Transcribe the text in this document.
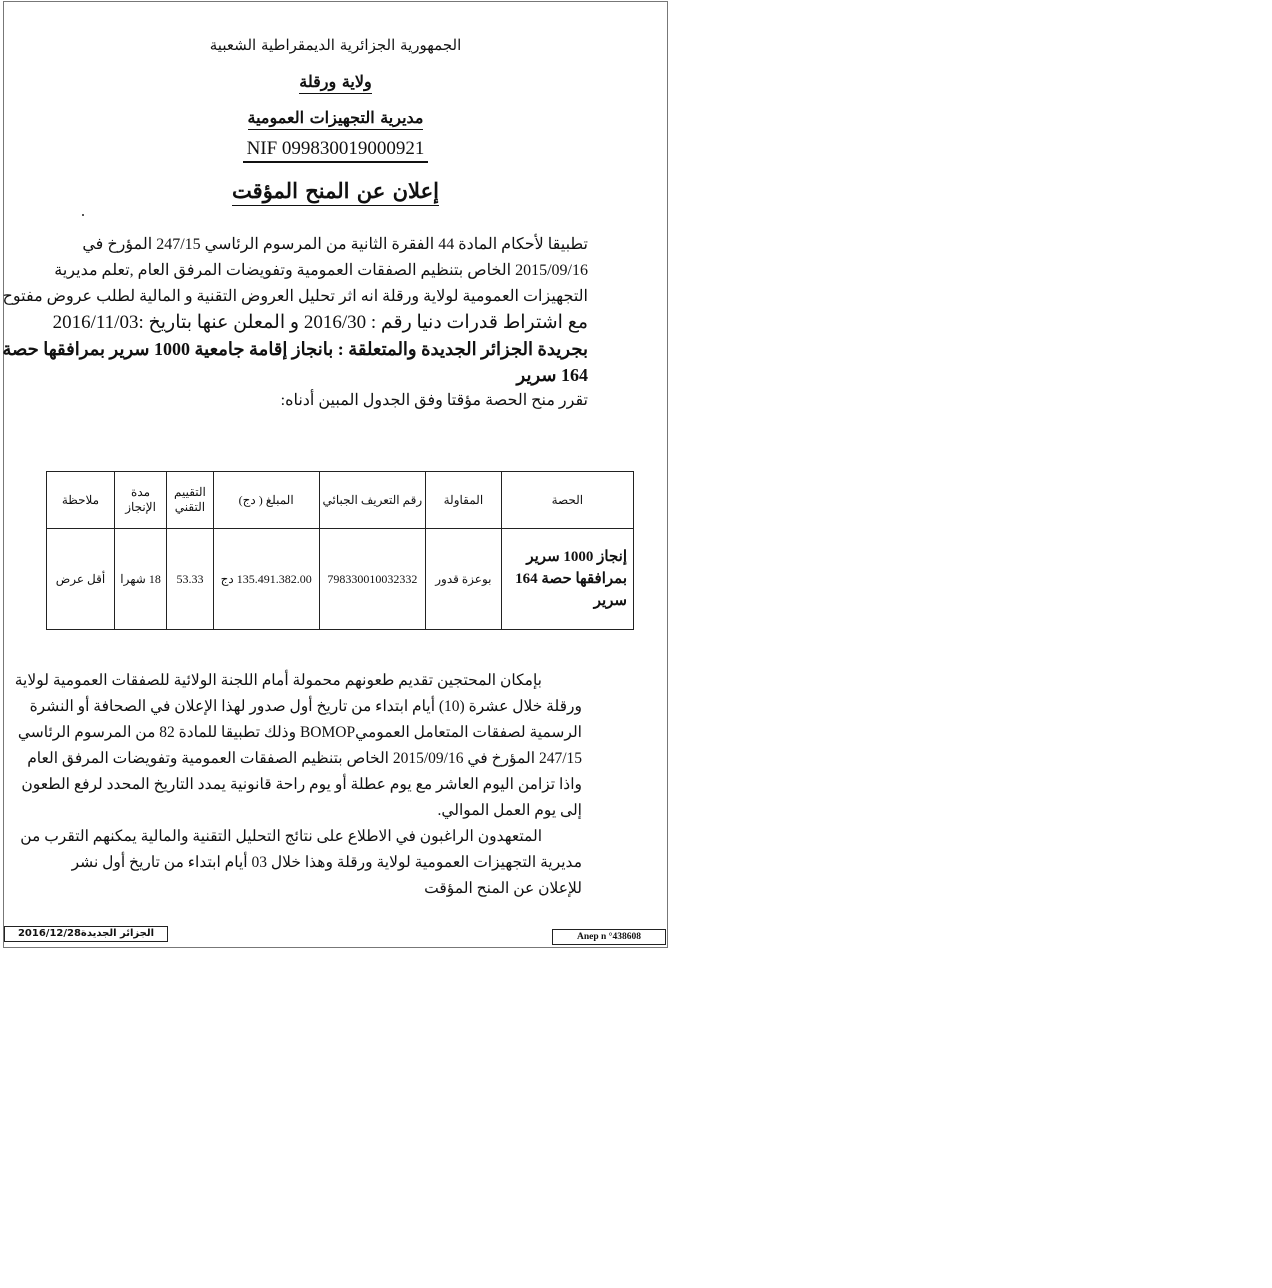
الجمهورية الجزائرية الديمقراطية الشعبية
ولاية ورقلة
مديرية التجهيزات العمومية
NIF 099830019000921
إعلان عن المنح المؤقت
تطبيقا لأحكام المادة 44 الفقرة الثانية من المرسوم الرئاسي 247/15 المؤرخ في
2015/09/16 الخاص بتنظيم الصفقات العمومية وتفويضات المرفق العام ,تعلم مديرية
التجهيزات العمومية لولاية ورقلة انه اثر تحليل العروض التقنية و المالية لطلب عروض مفتوح
مع اشتراط قدرات دنيا رقم : 2016/30 و المعلن عنها بتاريخ :2016/11/03
بجريدة الجزائر الجديدة والمتعلقة : بانجاز إقامة جامعية 1000 سرير بمرافقها حصة
164 سرير
تقرر منح الحصة مؤقتا وفق الجدول المبين أدناه:
الحصة	المقاولة	رقم التعريف الجبائي	المبلغ ( دج)	التقييم التقني	مدة الإنجاز	ملاحظة
إنجاز 1000 سرير بمرافقها حصة 164 سرير	بوعزة قدور	798330010032332	135.491.382.00 دج	53.33	18 شهرا	أقل عرض
بإمكان المحتجين تقديم طعونهم محمولة أمام اللجنة الولائية للصفقات العمومية لولاية
ورقلة خلال عشرة (10) أيام ابتداء من تاريخ أول صدور لهذا الإعلان في الصحافة أو النشرة
الرسمية لصفقات المتعامل العموميBOMOP وذلك تطبيقا للمادة 82 من المرسوم الرئاسي
247/15 المؤرخ في 2015/09/16 الخاص بتنظيم الصفقات العمومية وتفويضات المرفق العام
واذا تزامن اليوم العاشر مع يوم عطلة أو يوم راحة قانونية يمدد التاريخ المحدد لرفع الطعون
إلى يوم العمل الموالي.
المتعهدون الراغبون في الاطلاع على نتائج التحليل التقنية والمالية يمكنهم التقرب من
مديرية التجهيزات العمومية لولاية ورقلة وهذا خلال 03 أيام ابتداء من تاريخ أول نشر
للإعلان عن المنح المؤقت
الجزائر الجديدة2016/12/28	Anep n °438608
